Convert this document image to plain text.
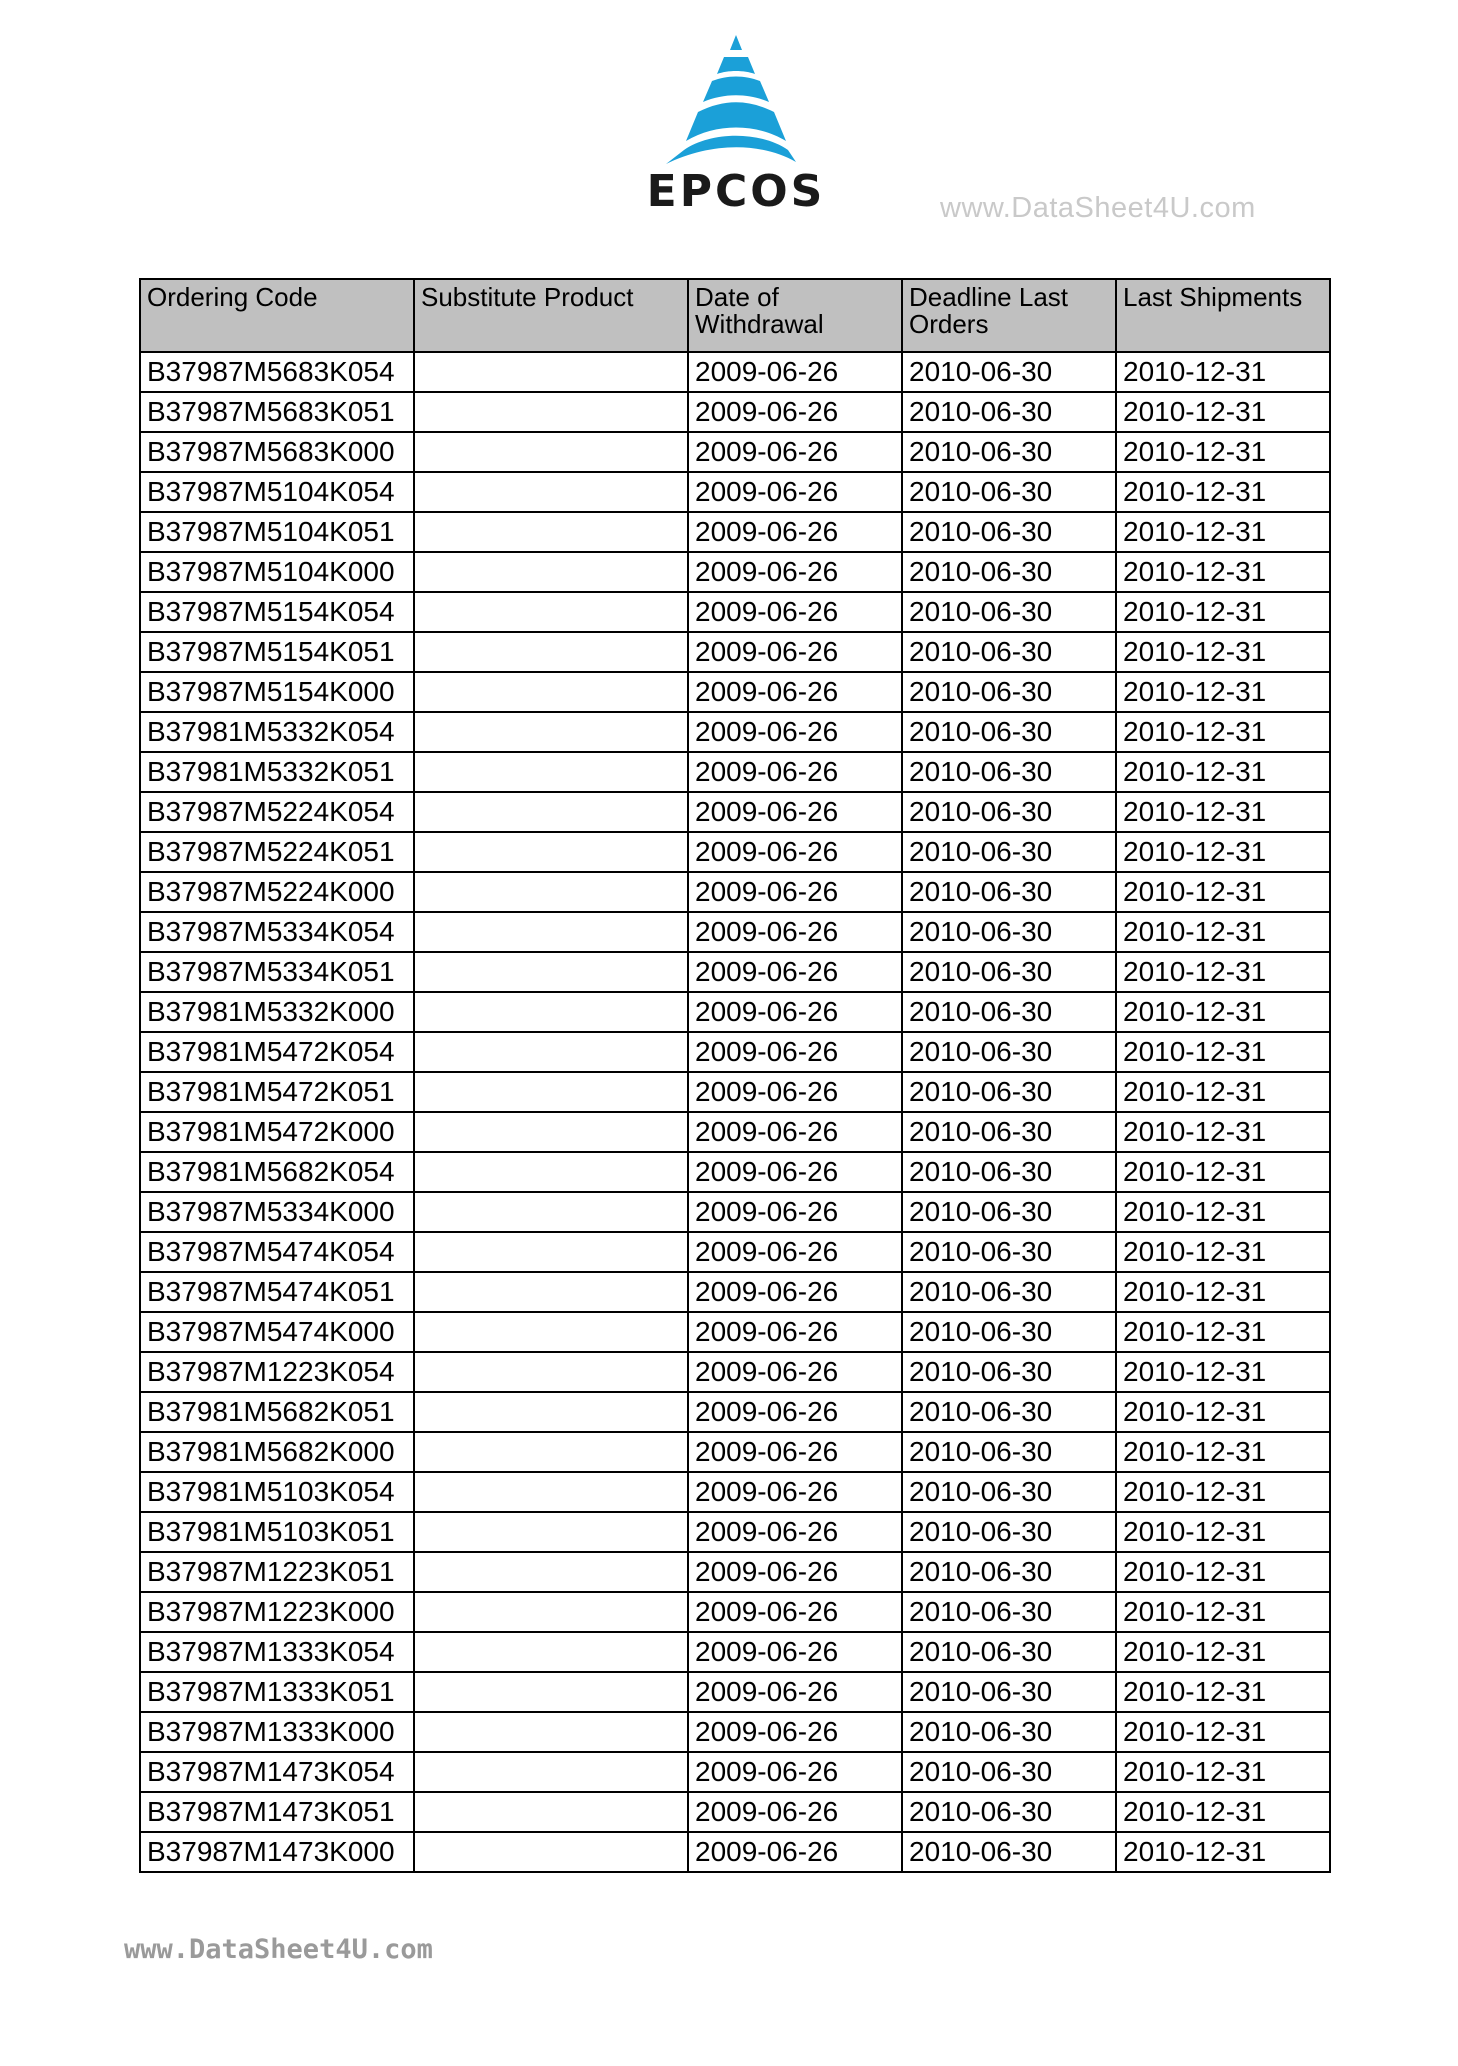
EPCOS	www.DataSheet4U.com
Ordering Code	Substitute Product	Date of Withdrawal	Deadline Last Orders	Last Shipments
B37987M5683K054		2009-06-26	2010-06-30	2010-12-31
B37987M5683K051		2009-06-26	2010-06-30	2010-12-31
B37987M5683K000		2009-06-26	2010-06-30	2010-12-31
B37987M5104K054		2009-06-26	2010-06-30	2010-12-31
B37987M5104K051		2009-06-26	2010-06-30	2010-12-31
B37987M5104K000		2009-06-26	2010-06-30	2010-12-31
B37987M5154K054		2009-06-26	2010-06-30	2010-12-31
B37987M5154K051		2009-06-26	2010-06-30	2010-12-31
B37987M5154K000		2009-06-26	2010-06-30	2010-12-31
B37981M5332K054		2009-06-26	2010-06-30	2010-12-31
B37981M5332K051		2009-06-26	2010-06-30	2010-12-31
B37987M5224K054		2009-06-26	2010-06-30	2010-12-31
B37987M5224K051		2009-06-26	2010-06-30	2010-12-31
B37987M5224K000		2009-06-26	2010-06-30	2010-12-31
B37987M5334K054		2009-06-26	2010-06-30	2010-12-31
B37987M5334K051		2009-06-26	2010-06-30	2010-12-31
B37981M5332K000		2009-06-26	2010-06-30	2010-12-31
B37981M5472K054		2009-06-26	2010-06-30	2010-12-31
B37981M5472K051		2009-06-26	2010-06-30	2010-12-31
B37981M5472K000		2009-06-26	2010-06-30	2010-12-31
B37981M5682K054		2009-06-26	2010-06-30	2010-12-31
B37987M5334K000		2009-06-26	2010-06-30	2010-12-31
B37987M5474K054		2009-06-26	2010-06-30	2010-12-31
B37987M5474K051		2009-06-26	2010-06-30	2010-12-31
B37987M5474K000		2009-06-26	2010-06-30	2010-12-31
B37987M1223K054		2009-06-26	2010-06-30	2010-12-31
B37981M5682K051		2009-06-26	2010-06-30	2010-12-31
B37981M5682K000		2009-06-26	2010-06-30	2010-12-31
B37981M5103K054		2009-06-26	2010-06-30	2010-12-31
B37981M5103K051		2009-06-26	2010-06-30	2010-12-31
B37987M1223K051		2009-06-26	2010-06-30	2010-12-31
B37987M1223K000		2009-06-26	2010-06-30	2010-12-31
B37987M1333K054		2009-06-26	2010-06-30	2010-12-31
B37987M1333K051		2009-06-26	2010-06-30	2010-12-31
B37987M1333K000		2009-06-26	2010-06-30	2010-12-31
B37987M1473K054		2009-06-26	2010-06-30	2010-12-31
B37987M1473K051		2009-06-26	2010-06-30	2010-12-31
B37987M1473K000		2009-06-26	2010-06-30	2010-12-31
www.DataSheet4U.com
